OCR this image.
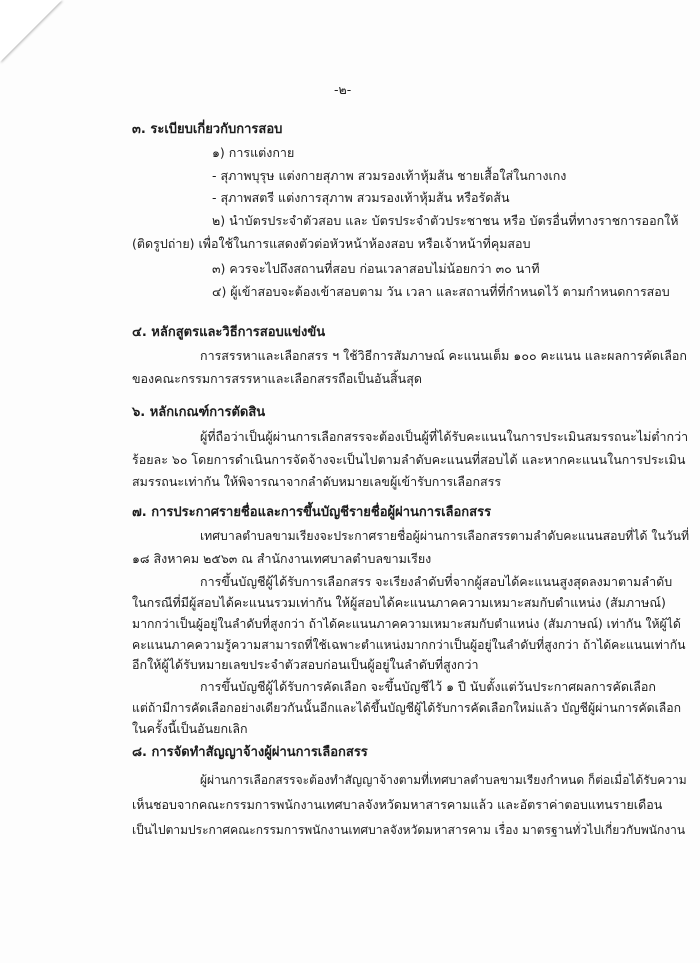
-๒-
๓. ระเบียบเกี่ยวกับการสอบ
๑) การแต่งกาย
- สุภาพบุรุษ แต่งกายสุภาพ สวมรองเท้าหุ้มส้น ชายเสื้อใส่ในกางเกง
- สุภาพสตรี แต่งการสุภาพ สวมรองเท้าหุ้มส้น หรือรัดส้น
๒) นำบัตรประจำตัวสอบ และ บัตรประจำตัวประชาชน หรือ บัตรอื่นที่ทางราชการออกให้
(ติดรูปถ่าย) เพื่อใช้ในการแสดงตัวต่อหัวหน้าห้องสอบ หรือเจ้าหน้าที่คุมสอบ
๓) ควรจะไปถึงสถานที่สอบ ก่อนเวลาสอบไม่น้อยกว่า ๓๐ นาที
๔) ผู้เข้าสอบจะต้องเข้าสอบตาม วัน เวลา และสถานที่ที่กำหนดไว้ ตามกำหนดการสอบ
๔. หลักสูตรและวิธีการสอบแข่งขัน
การสรรหาและเลือกสรร ฯ ใช้วิธีการสัมภาษณ์ คะแนนเต็ม ๑๐๐ คะแนน และผลการคัดเลือก
ของคณะกรรมการสรรหาและเลือกสรรถือเป็นอันสิ้นสุด
๖. หลักเกณฑ์การตัดสิน
ผู้ที่ถือว่าเป็นผู้ผ่านการเลือกสรรจะต้องเป็นผู้ที่ได้รับคะแนนในการประเมินสมรรถนะไม่ต่ำกว่า
ร้อยละ ๖๐ โดยการดำเนินการจัดจ้างจะเป็นไปตามลำดับคะแนนที่สอบได้ และหากคะแนนในการประเมิน
สมรรถนะเท่ากัน ให้พิจารณาจากลำดับหมายเลขผู้เข้ารับการเลือกสรร
๗. การประกาศรายชื่อและการขึ้นบัญชีรายชื่อผู้ผ่านการเลือกสรร
เทศบาลตำบลขามเรียงจะประกาศรายชื่อผู้ผ่านการเลือกสรรตามลำดับคะแนนสอบที่ได้ ในวันที่
๑๘ สิงหาคม ๒๕๖๓ ณ สำนักงานเทศบาลตำบลขามเรียง
การขึ้นบัญชีผู้ได้รับการเลือกสรร จะเรียงลำดับที่จากผู้สอบได้คะแนนสูงสุดลงมาตามลำดับ
ในกรณีที่มีผู้สอบได้คะแนนรวมเท่ากัน ให้ผู้สอบได้คะแนนภาคความเหมาะสมกับตำแหน่ง (สัมภาษณ์)
มากกว่าเป็นผู้อยู่ในลำดับที่สูงกว่า ถ้าได้คะแนนภาคความเหมาะสมกับตำแหน่ง (สัมภาษณ์) เท่ากัน ให้ผู้ได้
คะแนนภาคความรู้ความสามารถที่ใช้เฉพาะตำแหน่งมากกว่าเป็นผู้อยู่ในลำดับที่สูงกว่า ถ้าได้คะแนนเท่ากัน
อีกให้ผู้ได้รับหมายเลขประจำตัวสอบก่อนเป็นผู้อยู่ในลำดับที่สูงกว่า
การขึ้นบัญชีผู้ได้รับการคัดเลือก จะขึ้นบัญชีไว้ ๑ ปี นับตั้งแต่วันประกาศผลการคัดเลือก
แต่ถ้ามีการคัดเลือกอย่างเดียวกันนั้นอีกและได้ขึ้นบัญชีผู้ได้รับการคัดเลือกใหม่แล้ว บัญชีผู้ผ่านการคัดเลือก
ในครั้งนี้เป็นอันยกเลิก
๘. การจัดทำสัญญาจ้างผู้ผ่านการเลือกสรร
ผู้ผ่านการเลือกสรรจะต้องทำสัญญาจ้างตามที่เทศบาลตำบลขามเรียงกำหนด ก็ต่อเมื่อได้รับความ
เห็นชอบจากคณะกรรมการพนักงานเทศบาลจังหวัดมหาสารคามแล้ว และอัตราค่าตอบแทนรายเดือน
เป็นไปตามประกาศคณะกรรมการพนักงานเทศบาลจังหวัดมหาสารคาม เรื่อง มาตรฐานทั่วไปเกี่ยวกับพนักงาน
